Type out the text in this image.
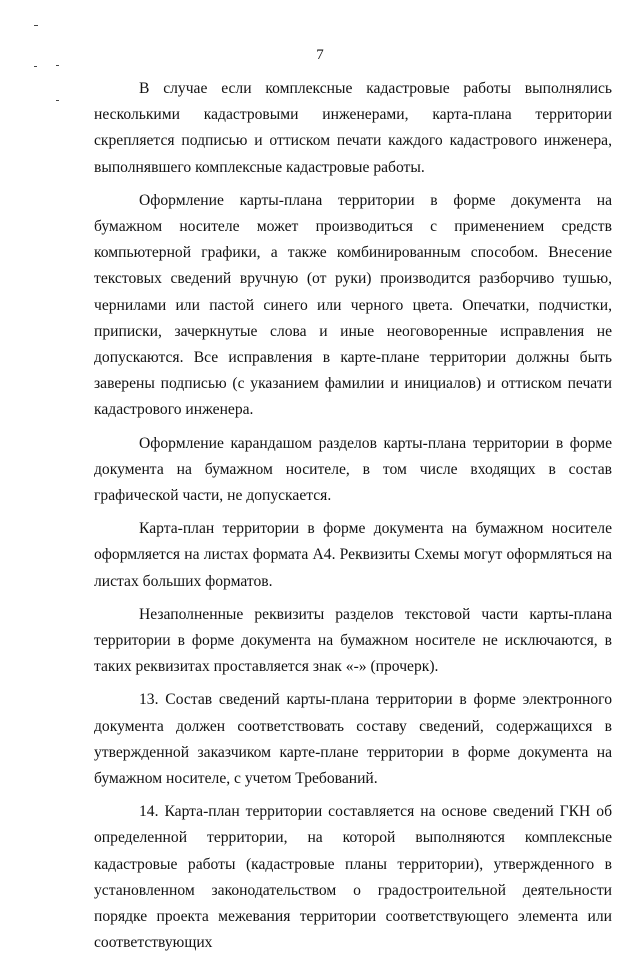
7

В случае если комплексные кадастровые работы выполнялись несколькими кадастровыми инженерами, карта-плана территории скрепляется подписью и оттиском печати каждого кадастрового инженера, выполнявшего комплексные кадастровые работы.

Оформление карты-плана территории в форме документа на бумажном носителе может производиться с применением средств компьютерной графики, а также комбинированным способом. Внесение текстовых сведений вручную (от руки) производится разборчиво тушью, чернилами или пастой синего или черного цвета. Опечатки, подчистки, приписки, зачеркнутые слова и иные неоговоренные исправления не допускаются. Все исправления в карте-плане территории должны быть заверены подписью (с указанием фамилии и инициалов) и оттиском печати кадастрового инженера.

Оформление карандашом разделов карты-плана территории в форме документа на бумажном носителе, в том числе входящих в состав графической части, не допускается.

Карта-план территории в форме документа на бумажном носителе оформляется на листах формата А4. Реквизиты Схемы могут оформляться на листах больших форматов.

Незаполненные реквизиты разделов текстовой части карты-плана территории в форме документа на бумажном носителе не исключаются, в таких реквизитах проставляется знак «-» (прочерк).

13. Состав сведений карты-плана территории в форме электронного документа должен соответствовать составу сведений, содержащихся в утвержденной заказчиком карте-плане территории в форме документа на бумажном носителе, с учетом Требований.

14. Карта-план территории составляется на основе сведений ГКН об определенной территории, на которой выполняются комплексные кадастровые работы (кадастровые планы территории), утвержденного в установленном законодательством о градостроительной деятельности порядке проекта межевания территории соответствующего элемента или соответствующих
